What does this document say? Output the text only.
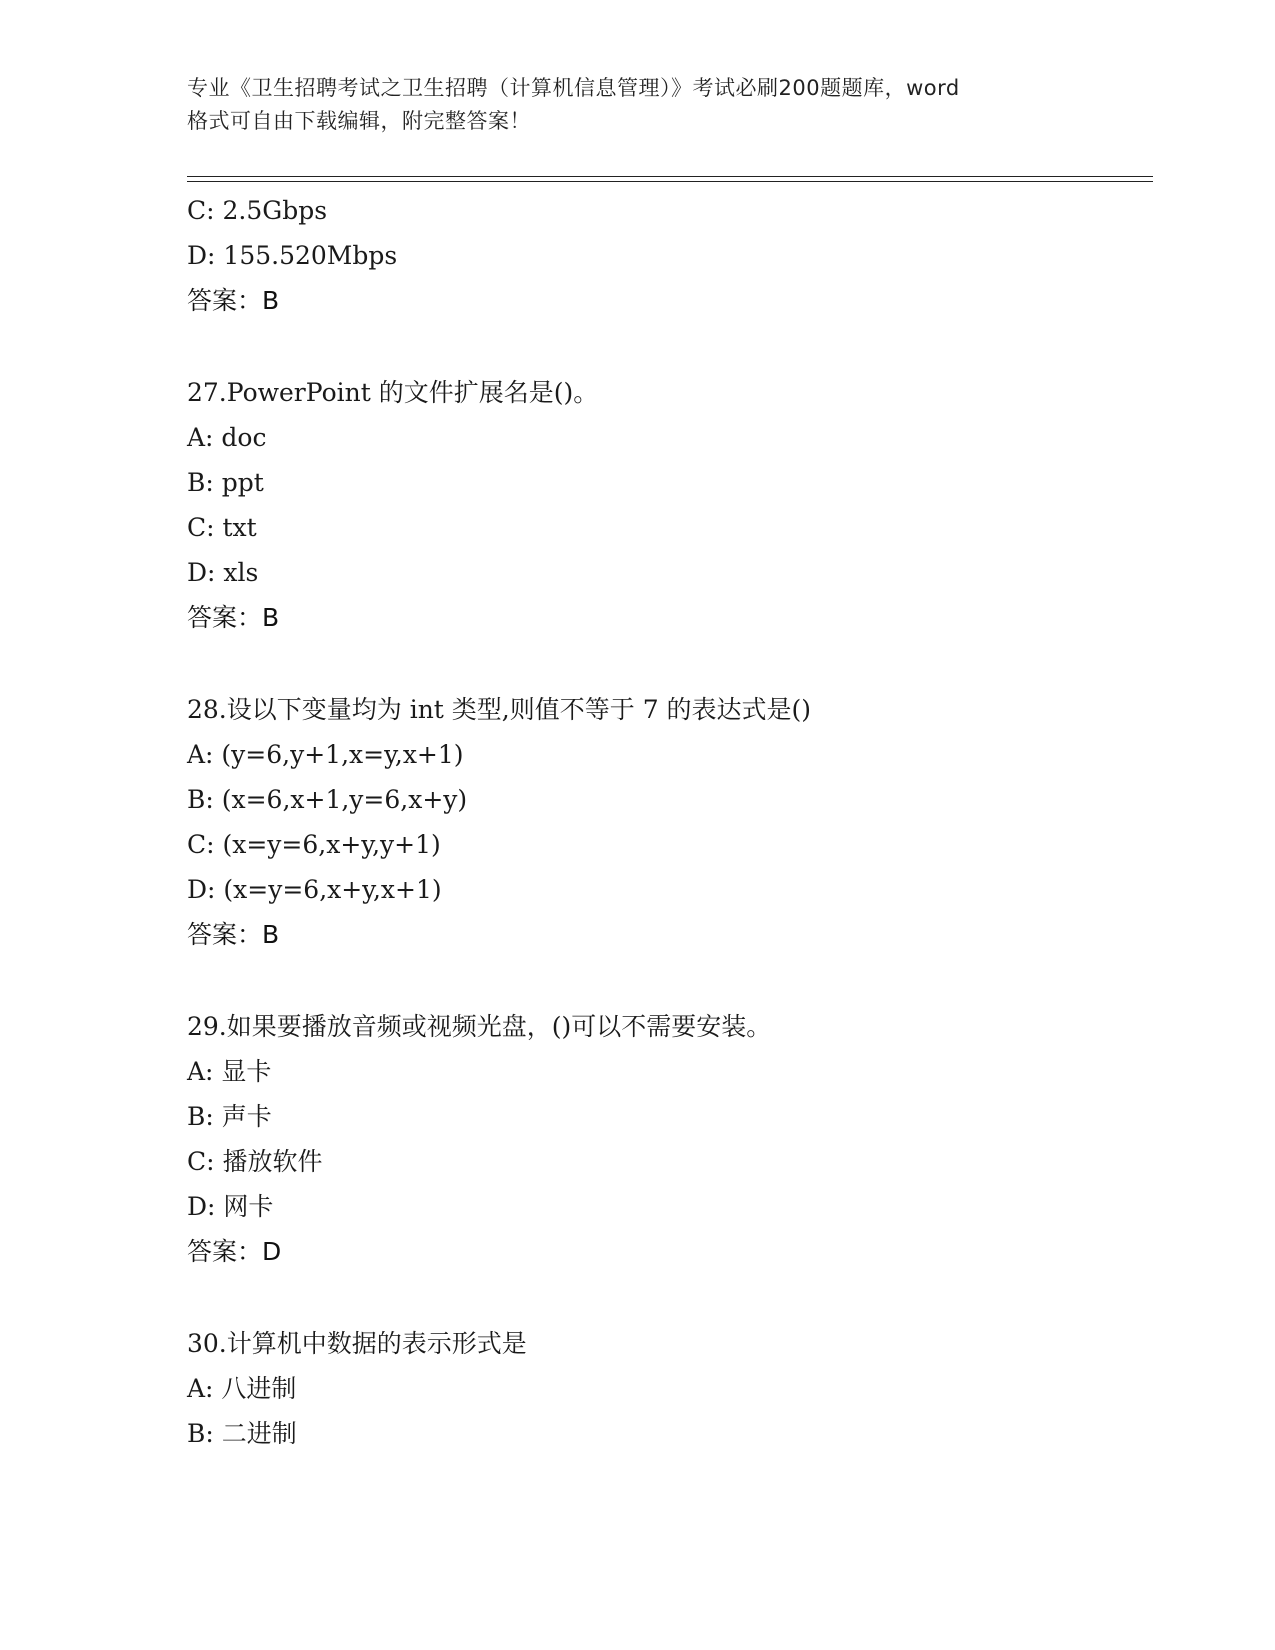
专业《卫生招聘考试之卫生招聘（计算机信息管理）》考试必刷200题题库，word
格式可自由下载编辑，附完整答案！
C: 2.5Gbps
D: 155.520Mbps
答案：B
27.PowerPoint 的文件扩展名是()。
A: doc
B: ppt
C: txt
D: xls
答案：B
28.设以下变量均为 int 类型,则值不等于 7 的表达式是()
A: (y=6,y+1,x=y,x+1)
B: (x=6,x+1,y=6,x+y)
C: (x=y=6,x+y,y+1)
D: (x=y=6,x+y,x+1)
答案：B
29.如果要播放音频或视频光盘，()可以不需要安装。
A: 显卡
B: 声卡
C: 播放软件
D: 网卡
答案：D
30.计算机中数据的表示形式是
A: 八进制
B: 二进制
